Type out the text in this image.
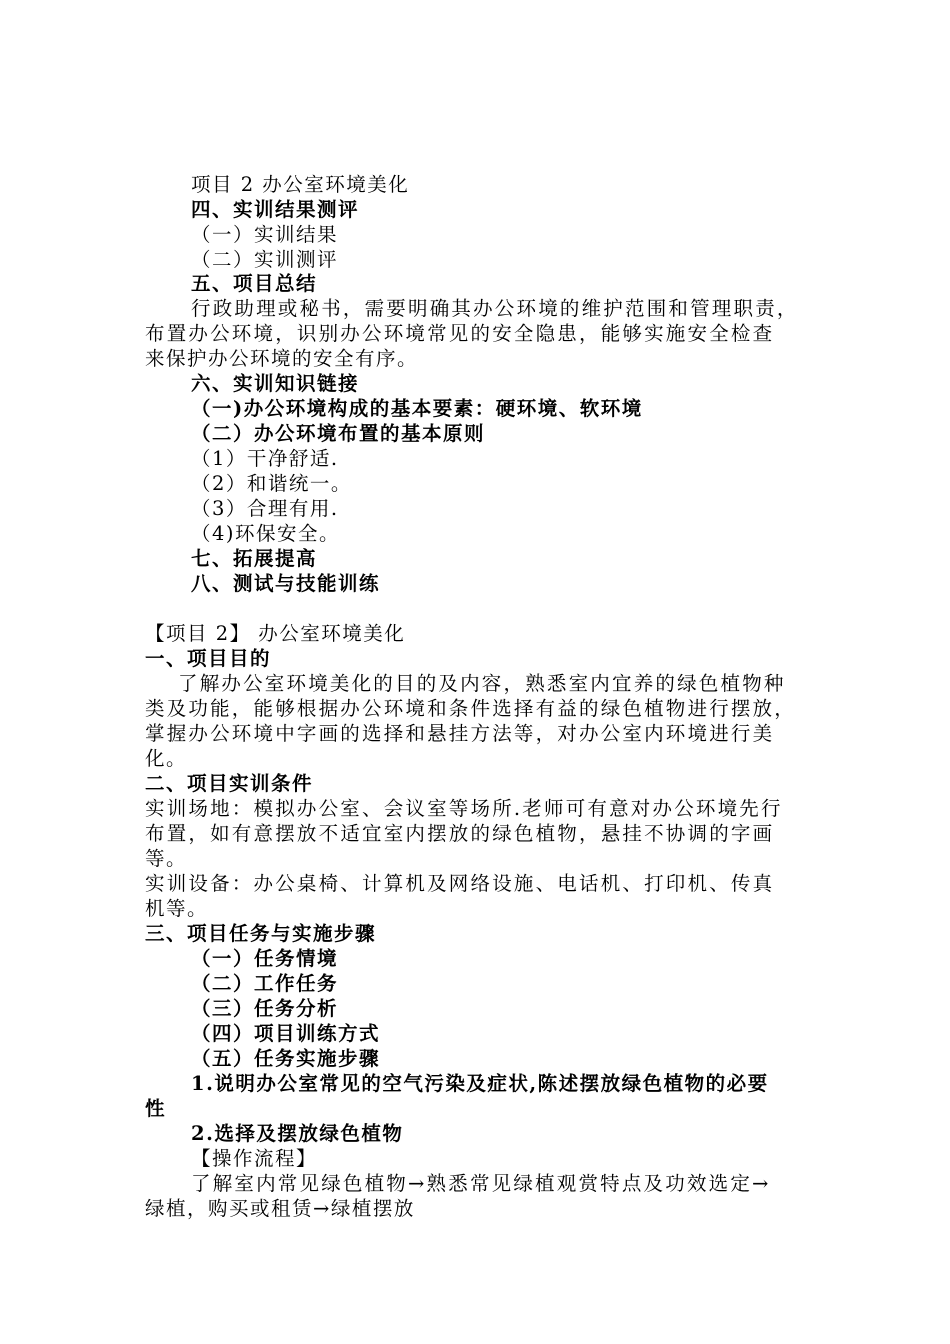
项目 2 办公室环境美化
四、实训结果测评
（一）实训结果
（二）实训测评
五、项目总结
行政助理或秘书，需要明确其办公环境的维护范围和管理职责，
布置办公环境，识别办公环境常见的安全隐患，能够实施安全检查
来保护办公环境的安全有序。
六、实训知识链接
（一)办公环境构成的基本要素：硬环境、软环境
（二）办公环境布置的基本原则
（1）干净舒适.
（2）和谐统一。
（3）合理有用.
（4)环保安全。
七、拓展提高
八、测试与技能训练
【项目 2】 办公室环境美化
一、项目目的
了解办公室环境美化的目的及内容，熟悉室内宜养的绿色植物种
类及功能，能够根据办公环境和条件选择有益的绿色植物进行摆放，
掌握办公环境中字画的选择和悬挂方法等，对办公室内环境进行美
化。
二、项目实训条件
实训场地：模拟办公室、会议室等场所.老师可有意对办公环境先行
布置，如有意摆放不适宜室内摆放的绿色植物，悬挂不协调的字画
等。
实训设备：办公桌椅、计算机及网络设施、电话机、打印机、传真
机等。
三、项目任务与实施步骤
（一）任务情境
（二）工作任务
（三）任务分析
（四）项目训练方式
（五）任务实施步骤
1.说明办公室常见的空气污染及症状,陈述摆放绿色植物的必要
性
2.选择及摆放绿色植物
【操作流程】
了解室内常见绿色植物→熟悉常见绿植观赏特点及功效选定→
绿植，购买或租赁→绿植摆放
